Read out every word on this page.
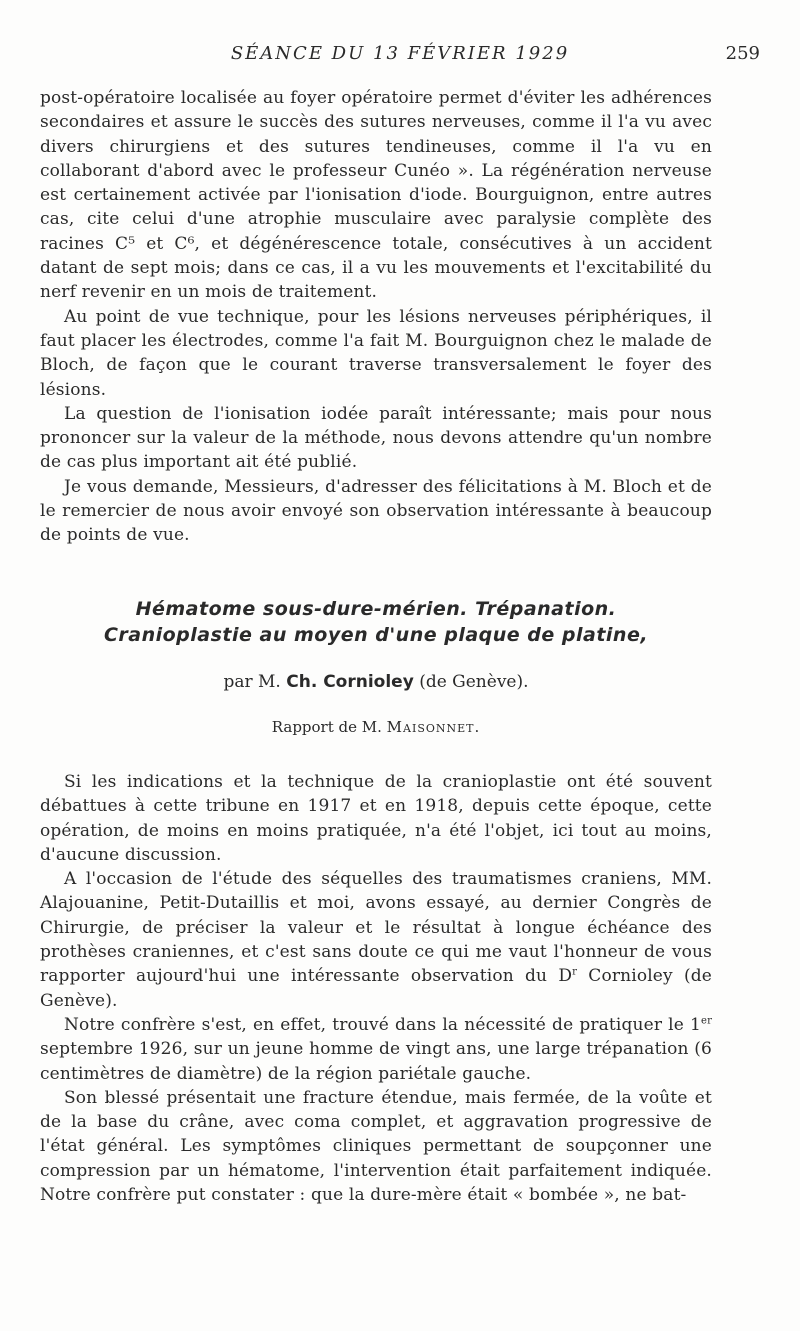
SÉANCE DU 13 FÉVRIER 1929	259

post-opératoire localisée au foyer opératoire permet d'éviter les adhérences secondaires et assure le succès des sutures nerveuses, comme il l'a vu avec divers chirurgiens et des sutures tendineuses, comme il l'a vu en collaborant d'abord avec le professeur Cunéo ». La régénération nerveuse est certainement activée par l'ionisation d'iode. Bourguignon, entre autres cas, cite celui d'une atrophie musculaire avec paralysie complète des racines C⁵ et C⁶, et dégénérescence totale, consécutives à un accident datant de sept mois; dans ce cas, il a vu les mouvements et l'excitabilité du nerf revenir en un mois de traitement.

Au point de vue technique, pour les lésions nerveuses périphériques, il faut placer les électrodes, comme l'a fait M. Bourguignon chez le malade de Bloch, de façon que le courant traverse transversalement le foyer des lésions.

La question de l'ionisation iodée paraît intéressante; mais pour nous prononcer sur la valeur de la méthode, nous devons attendre qu'un nombre de cas plus important ait été publié.

Je vous demande, Messieurs, d'adresser des félicitations à M. Bloch et de le remercier de nous avoir envoyé son observation intéressante à beaucoup de points de vue.

Hématome sous-dure-mérien. Trépanation.
Cranioplastie au moyen d'une plaque de platine,
par M. Ch. Cornioley (de Genève).
Rapport de M. Maisonnet.

Si les indications et la technique de la cranioplastie ont été souvent débattues à cette tribune en 1917 et en 1918, depuis cette époque, cette opération, de moins en moins pratiquée, n'a été l'objet, ici tout au moins, d'aucune discussion.

A l'occasion de l'étude des séquelles des traumatismes craniens, MM. Alajouanine, Petit-Dutaillis et moi, avons essayé, au dernier Congrès de Chirurgie, de préciser la valeur et le résultat à longue échéance des prothèses craniennes, et c'est sans doute ce qui me vaut l'honneur de vous rapporter aujourd'hui une intéressante observation du $D^r$ Cornioley (de Genève).

Notre confrère s'est, en effet, trouvé dans la nécessité de pratiquer le 1er septembre 1926, sur un jeune homme de vingt ans, une large trépanation (6 centimètres de diamètre) de la région pariétale gauche.

Son blessé présentait une fracture étendue, mais fermée, de la voûte et de la base du crâne, avec coma complet, et aggravation progressive de l'état général. Les symptômes cliniques permettant de soupçonner une compression par un hématome, l'intervention était parfaitement indiquée. Notre confrère put constater : que la dure-mère était « bombée », ne bat-
